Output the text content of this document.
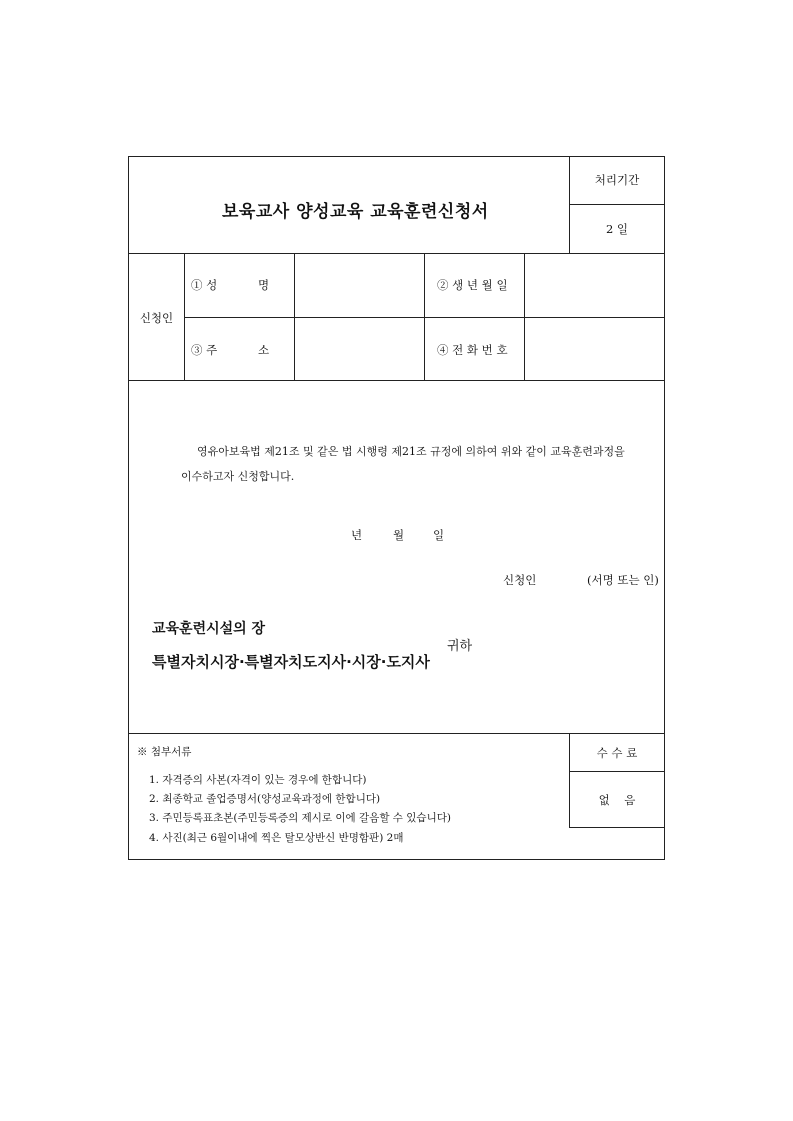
보육교사 양성교육 교육훈련신청서
처리기간
2 일
신청인
① 성	명	② 생 년 월 일
③ 주	소	④ 전 화 번 호
영유아보육법 제21조 및 같은 법 시행령 제21조 규정에 의하여 위와 같이 교육훈련과정을
이수하고자 신청합니다.
년	월	일
신청인	(서명 또는 인)
교육훈련시설의 장
귀하
특별자치시장·특별자치도지사·시장·도지사
※ 첨부서류
1. 자격증의 사본(자격이 있는 경우에 한합니다)
2. 최종학교 졸업증명서(양성교육과정에 한합니다)
3. 주민등록표초본(주민등록증의 제시로 이에 갈음할 수 있습니다)
4. 사진(최근 6월이내에 찍은 탈모상반신 반명함판) 2매
수 수 료
없    음
